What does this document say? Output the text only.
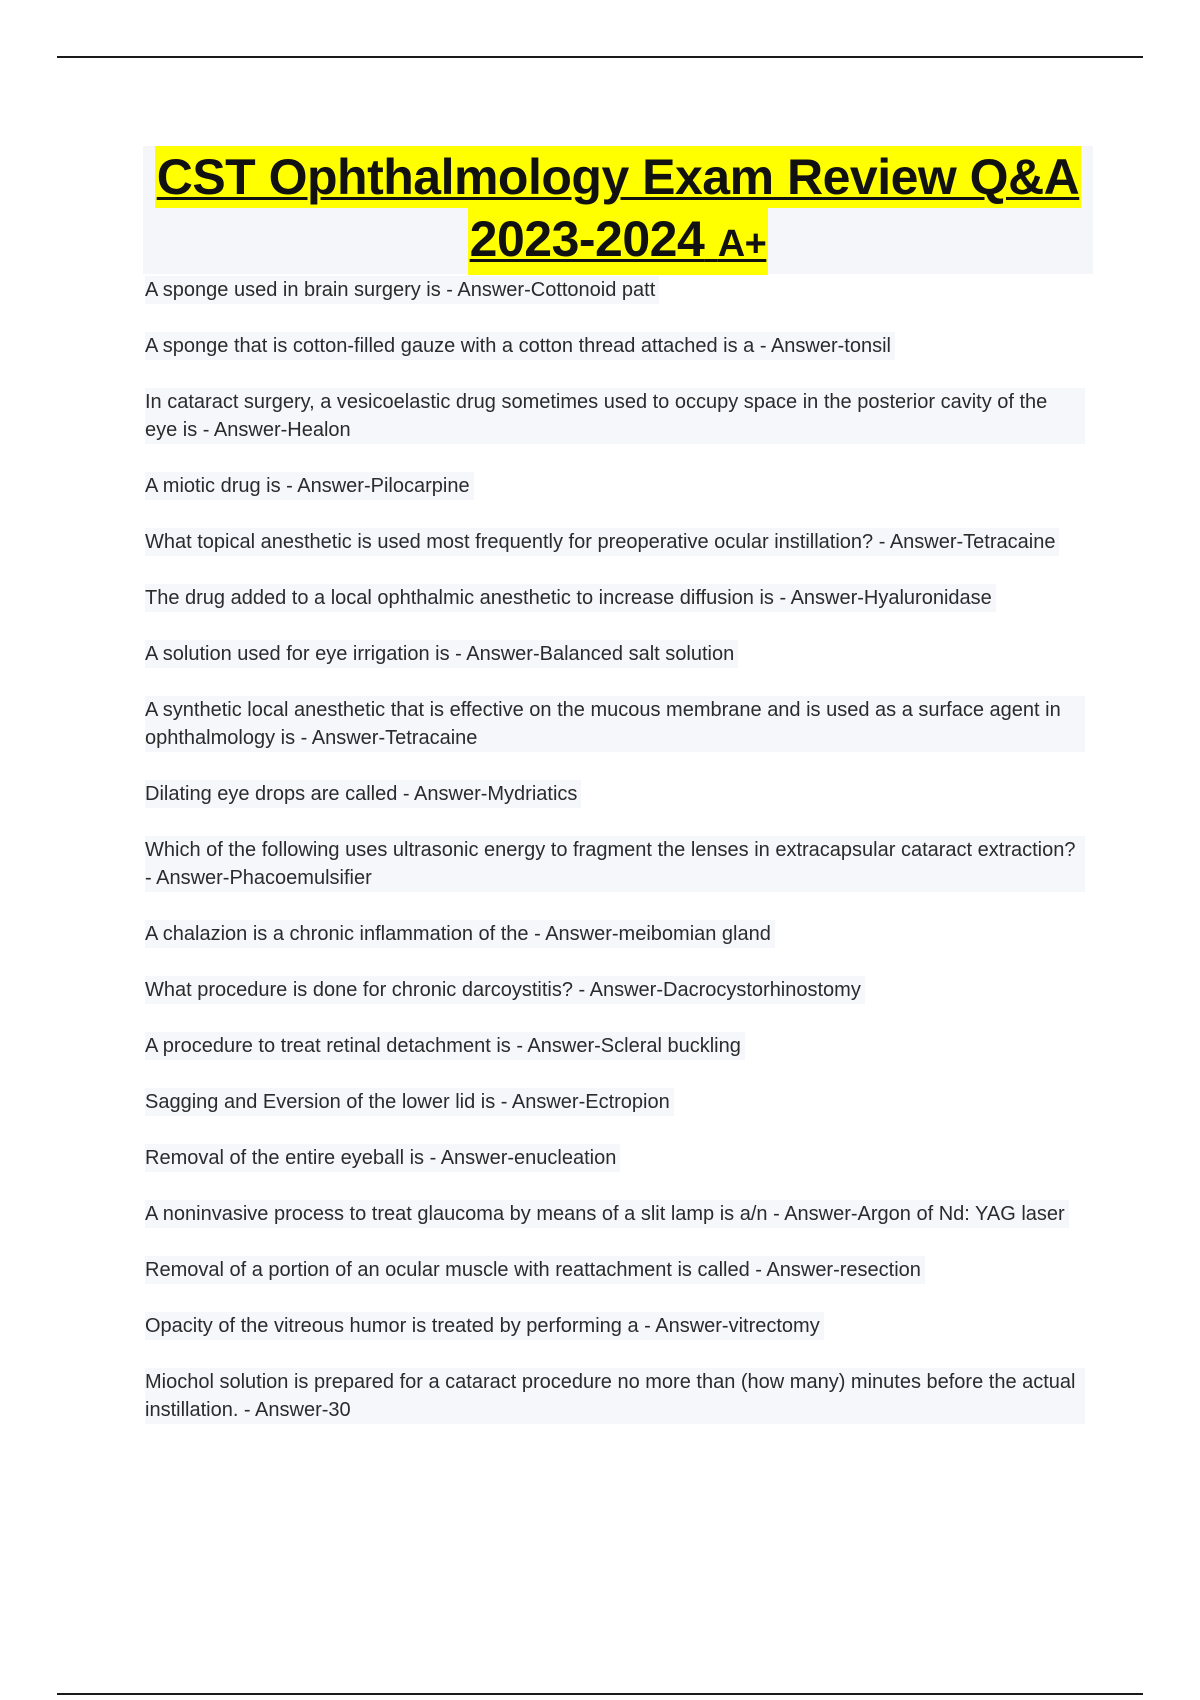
CST Ophthalmology Exam Review Q&A
2023-2024 A+
A sponge used in brain surgery is - Answer-Cottonoid patt
A sponge that is cotton-filled gauze with a cotton thread attached is a - Answer-tonsil
In cataract surgery, a vesicoelastic drug sometimes used to occupy space in the posterior cavity of the eye is - Answer-Healon
A miotic drug is - Answer-Pilocarpine
What topical anesthetic is used most frequently for preoperative ocular instillation? - Answer-Tetracaine
The drug added to a local ophthalmic anesthetic to increase diffusion is - Answer-Hyaluronidase
A solution used for eye irrigation is - Answer-Balanced salt solution
A synthetic local anesthetic that is effective on the mucous membrane and is used as a surface agent in ophthalmology is - Answer-Tetracaine
Dilating eye drops are called - Answer-Mydriatics
Which of the following uses ultrasonic energy to fragment the lenses in extracapsular cataract extraction? - Answer-Phacoemulsifier
A chalazion is a chronic inflammation of the - Answer-meibomian gland
What procedure is done for chronic darcoystitis? - Answer-Dacrocystorhinostomy
A procedure to treat retinal detachment is - Answer-Scleral buckling
Sagging and Eversion of the lower lid is - Answer-Ectropion
Removal of the entire eyeball is - Answer-enucleation
A noninvasive process to treat glaucoma by means of a slit lamp is a/n - Answer-Argon of Nd: YAG laser
Removal of a portion of an ocular muscle with reattachment is called - Answer-resection
Opacity of the vitreous humor is treated by performing a - Answer-vitrectomy
Miochol solution is prepared for a cataract procedure no more than (how many) minutes before the actual instillation. - Answer-30
